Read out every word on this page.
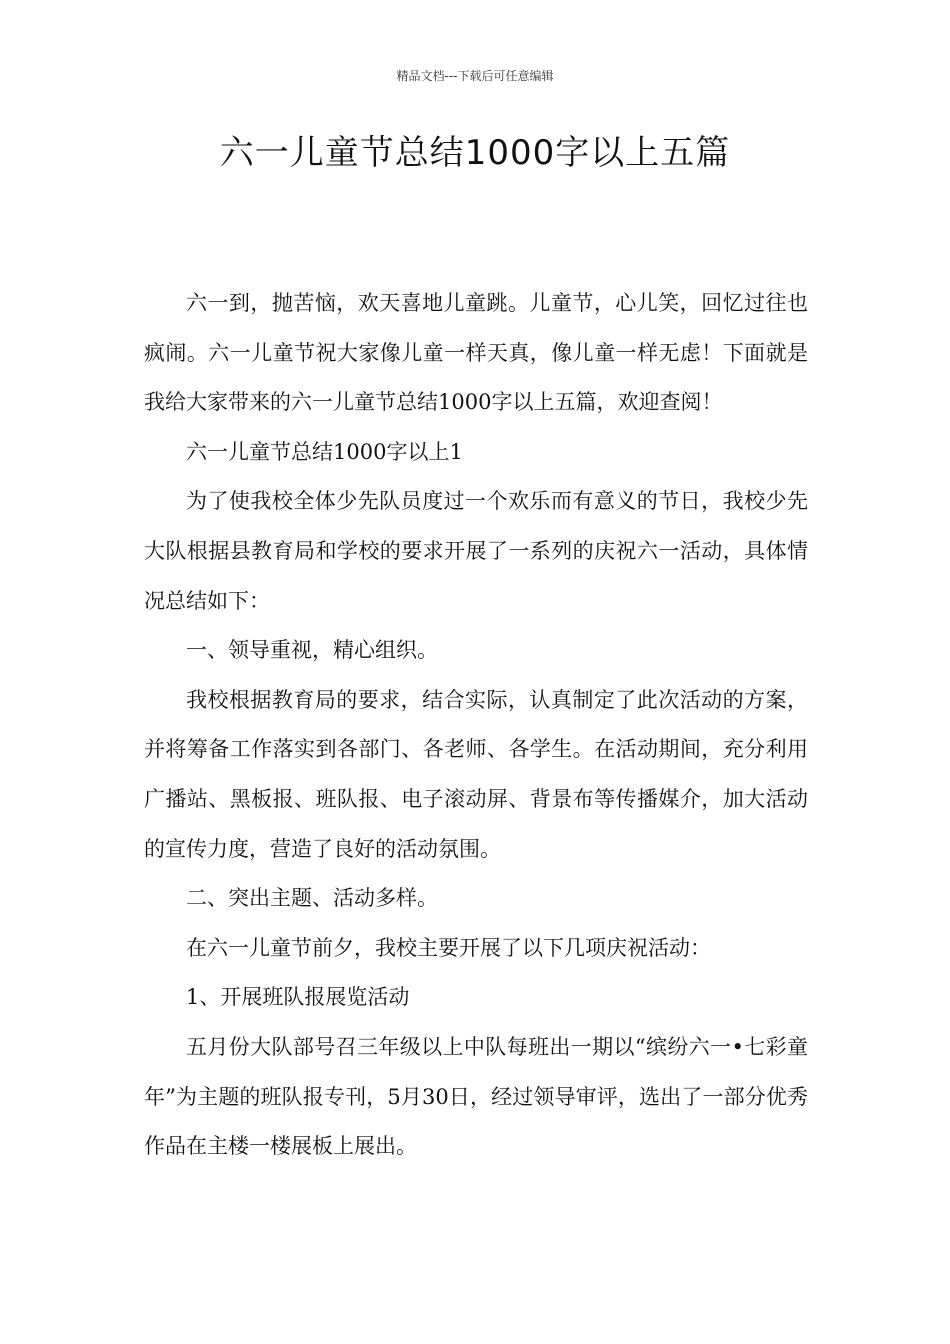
精品文档---下载后可任意编辑
六一儿童节总结1000字以上五篇

六一到，抛苦恼，欢天喜地儿童跳。儿童节，心儿笑，回忆过往也疯闹。六一儿童节祝大家像儿童一样天真，像儿童一样无虑！下面就是我给大家带来的六一儿童节总结1000字以上五篇，欢迎查阅！

六一儿童节总结1000字以上1

为了使我校全体少先队员度过一个欢乐而有意义的节日，我校少先大队根据县教育局和学校的要求开展了一系列的庆祝六一活动，具体情况总结如下：

一、领导重视，精心组织。

我校根据教育局的要求，结合实际，认真制定了此次活动的方案，并将筹备工作落实到各部门、各老师、各学生。在活动期间，充分利用广播站、黑板报、班队报、电子滚动屏、背景布等传播媒介，加大活动的宣传力度，营造了良好的活动氛围。

二、突出主题、活动多样。

在六一儿童节前夕，我校主要开展了以下几项庆祝活动：

1、开展班队报展览活动

五月份大队部号召三年级以上中队每班出一期以“缤纷六一•七彩童年”为主题的班队报专刊，5月30日，经过领导审评，选出了一部分优秀作品在主楼一楼展板上展出。
